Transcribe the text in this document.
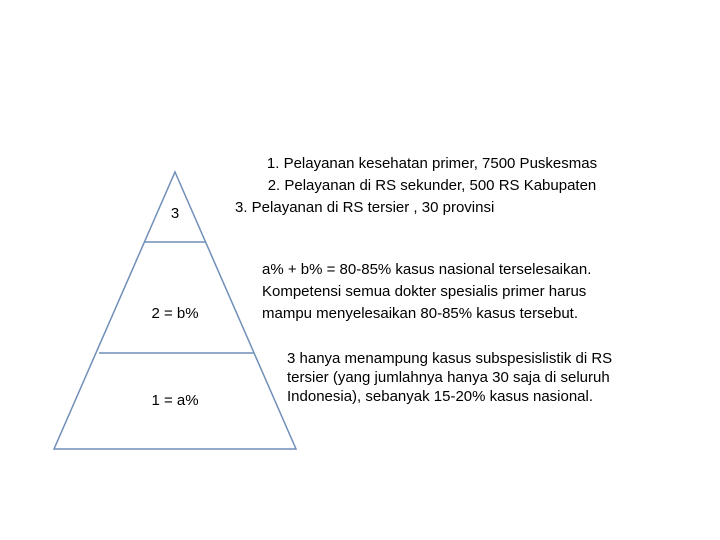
3
2 = b%
1 = a%
1. Pelayanan kesehatan primer, 7500 Puskesmas
2. Pelayanan di RS sekunder, 500 RS Kabupaten
3. Pelayanan di RS tersier , 30 provinsi
a% + b% = 80-85% kasus nasional terselesaikan.
Kompetensi semua dokter spesialis primer harus
mampu menyelesaikan 80-85% kasus tersebut.
3 hanya menampung kasus subspesislistik di RS
tersier (yang jumlahnya hanya 30 saja di seluruh
Indonesia), sebanyak 15-20% kasus nasional.
